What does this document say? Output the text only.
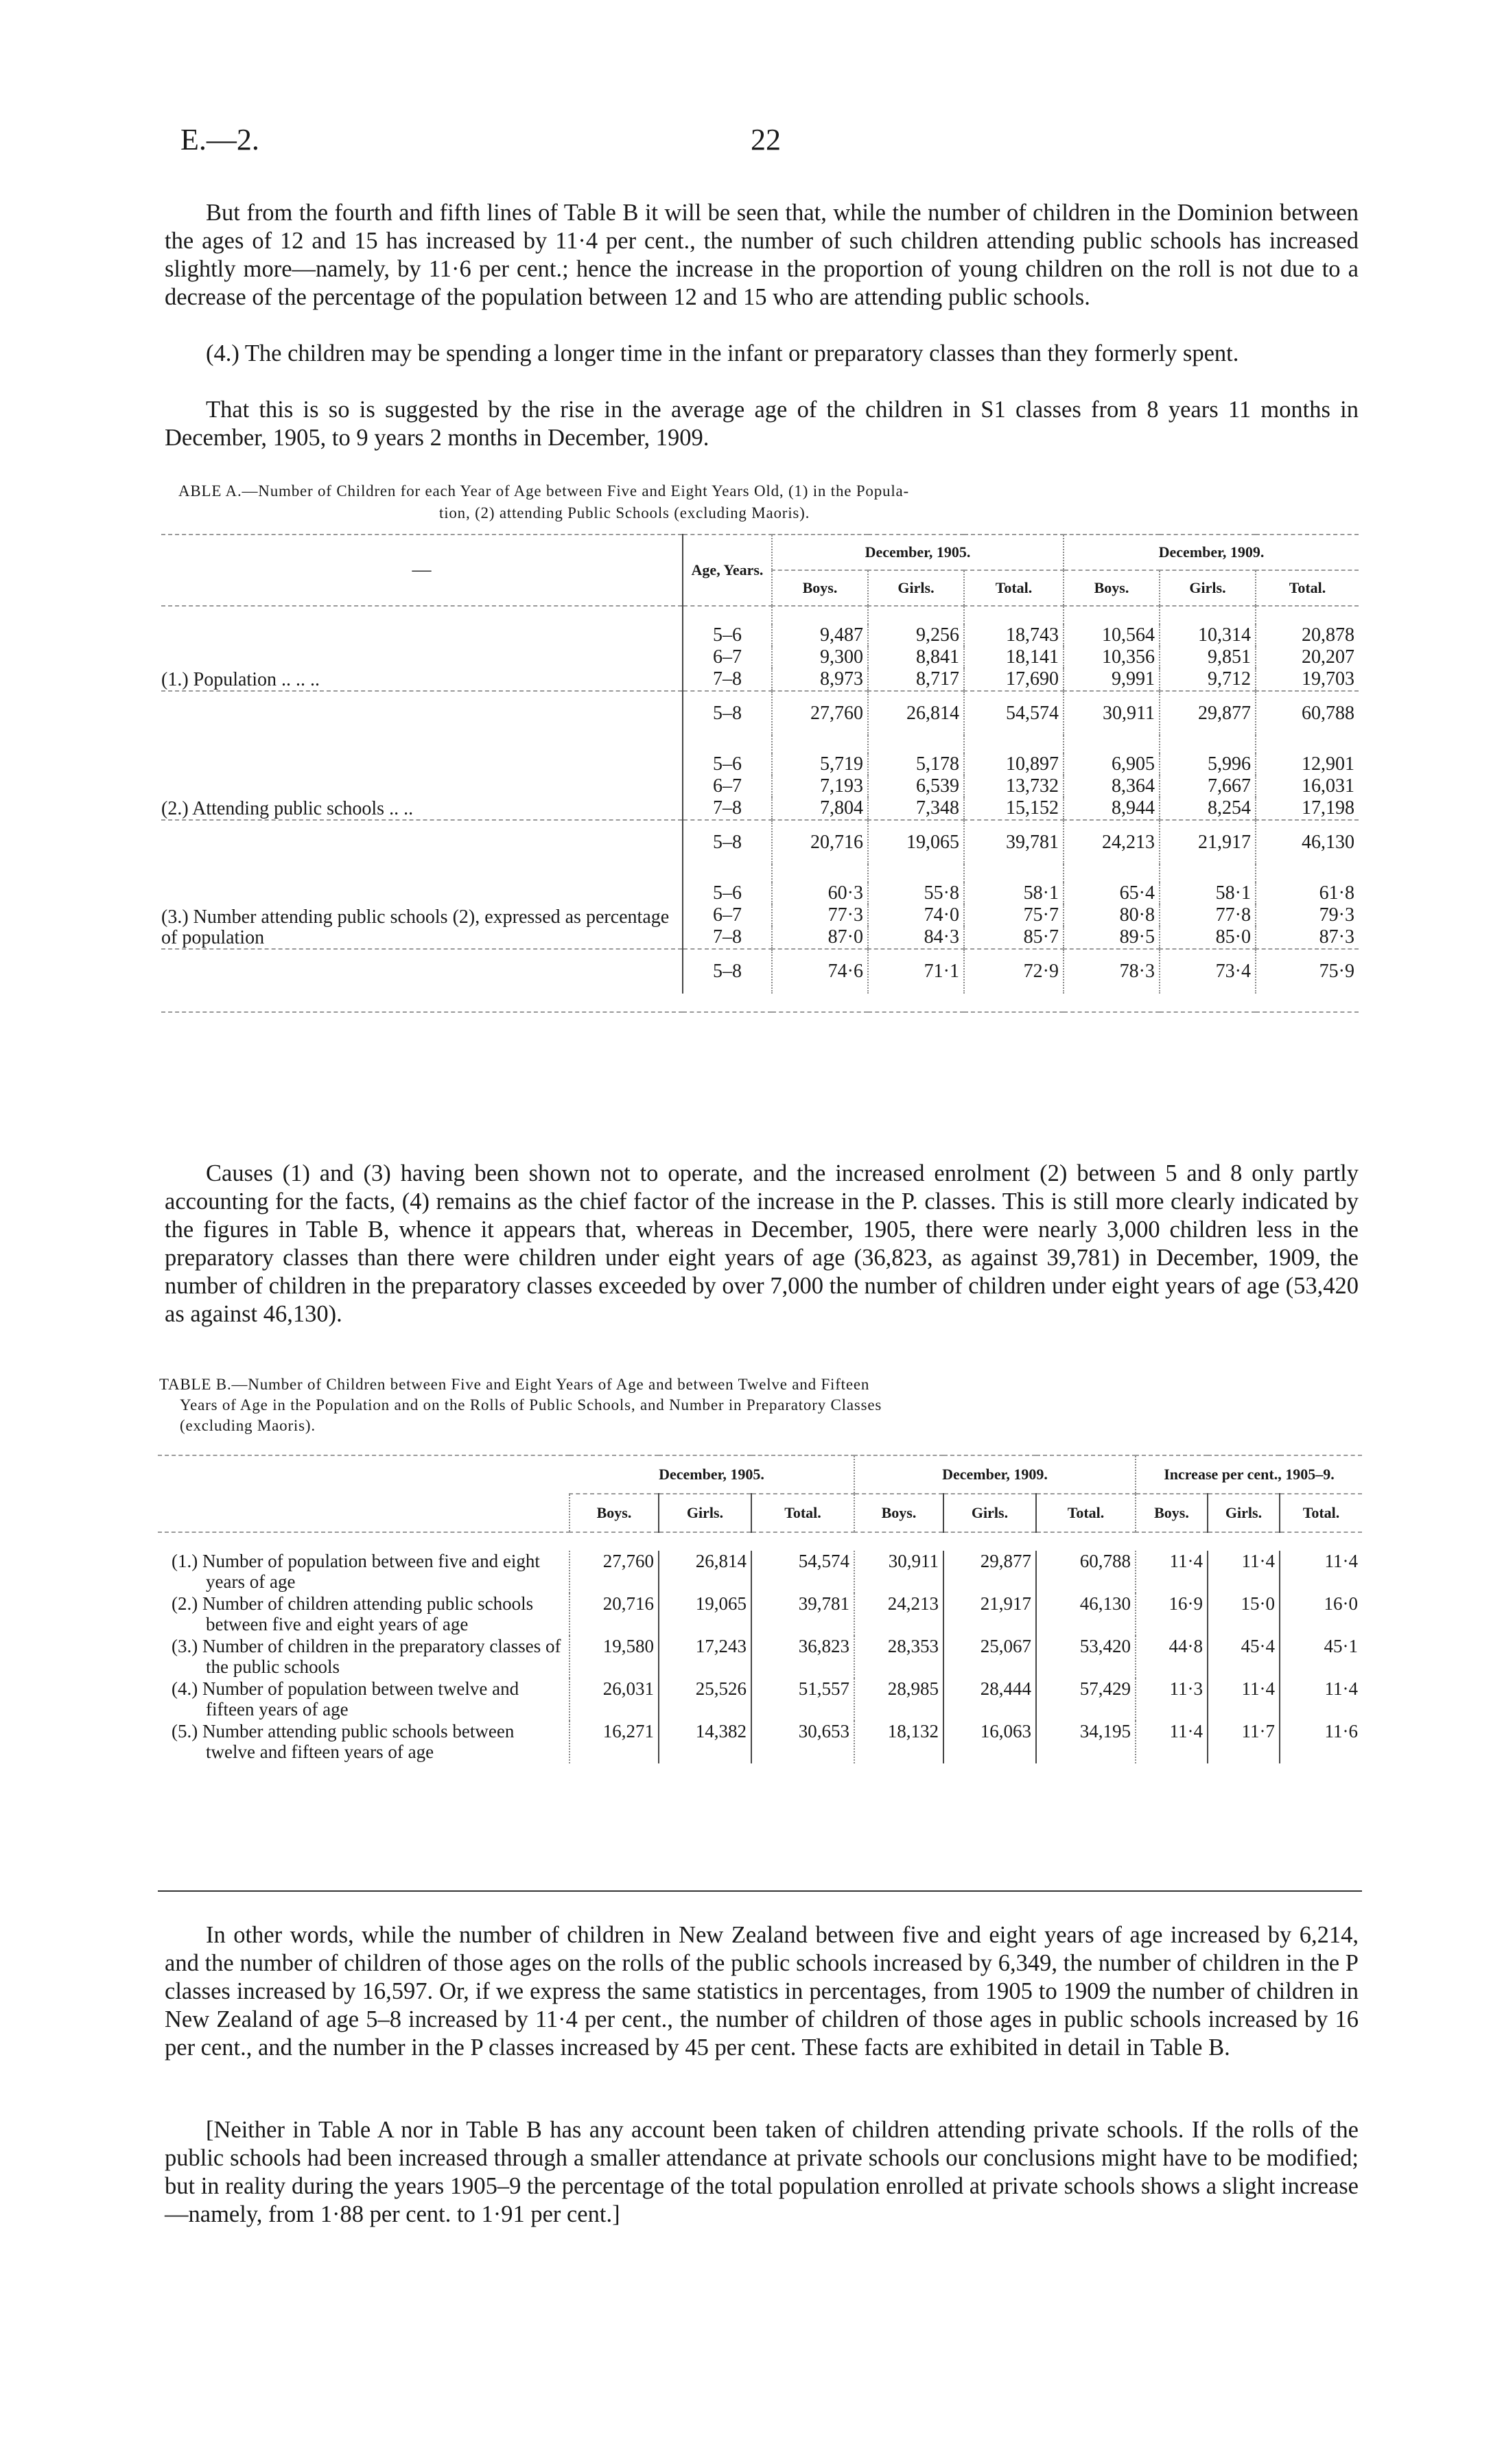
E.—2.	22

But from the fourth and fifth lines of Table B it will be seen that, while the number of children in the Dominion between the ages of 12 and 15 has increased by 11·4 per cent., the number of such children attending public schools has increased slightly more—namely, by 11·6 per cent.; hence the increase in the proportion of young children on the roll is not due to a decrease of the percentage of the population between 12 and 15 who are attending public schools.

(4.) The children may be spending a longer time in the infant or preparatory classes than they formerly spent.

That this is so is suggested by the rise in the average age of the children in S1 classes from 8 years 11 months in December, 1905, to 9 years 2 months in December, 1909.

ABLE A.—Number of Children for each Year of Age between Five and Eight Years Old, (1) in the Popula-
tion, (2) attending Public Schools (excluding Maoris).
—	Age, Years.	December, 1905.			December, 1909.		
		Boys.	Girls.	Total.	Boys.	Girls.	Total.

(1.) Population .. .. ..	5–6	9,487	9,256	18,743	10,564	10,314	20,878
	6–7	9,300	8,841	18,141	10,356	9,851	20,207
	7–8	8,973	8,717	17,690	9,991	9,712	19,703
	5–8	27,760	26,814	54,574	30,911	29,877	60,788

(2.) Attending public schools .. ..	5–6	5,719	5,178	10,897	6,905	5,996	12,901
	6–7	7,193	6,539	13,732	8,364	7,667	16,031
	7–8	7,804	7,348	15,152	8,944	8,254	17,198
	5–8	20,716	19,065	39,781	24,213	21,917	46,130

(3.) Number attending public schools (2), expressed as percentage of population	5–6	60·3	55·8	58·1	65·4	58·1	61·8
	6–7	77·3	74·0	75·7	80·8	77·8	79·3
	7–8	87·0	84·3	85·7	89·5	85·0	87·3
	5–8	74·6	71·1	72·9	78·3	73·4	75·9

Causes (1) and (3) having been shown not to operate, and the increased enrolment (2) between 5 and 8 only partly accounting for the facts, (4) remains as the chief factor of the increase in the P. classes. This is still more clearly indicated by the figures in Table B, whence it appears that, whereas in December, 1905, there were nearly 3,000 children less in the preparatory classes than there were children under eight years of age (36,823, as against 39,781) in December, 1909, the number of children in the preparatory classes exceeded by over 7,000 the number of children under eight years of age (53,420 as against 46,130).

TABLE B.—Number of Children between Five and Eight Years of Age and between Twelve and Fifteen
Years of Age in the Population and on the Rolls of Public Schools, and Number in Preparatory Classes
(excluding Maoris).
	December, 1905.			December, 1909.			Increase per cent., 1905–9.		
	Boys.	Girls.	Total.	Boys.	Girls.	Total.	Boys.	Girls.	Total.

(1.) Number of population between five and eight years of age	27,760	26,814	54,574	30,911	29,877	60,788	11·4	11·4	11·4
(2.) Number of children attending public schools between five and eight years of age	20,716	19,065	39,781	24,213	21,917	46,130	16·9	15·0	16·0
(3.) Number of children in the preparatory classes of the public schools	19,580	17,243	36,823	28,353	25,067	53,420	44·8	45·4	45·1
(4.) Number of population between twelve and fifteen years of age	26,031	25,526	51,557	28,985	28,444	57,429	11·3	11·4	11·4
(5.) Number attending public schools between twelve and fifteen years of age	16,271	14,382	30,653	18,132	16,063	34,195	11·4	11·7	11·6

In other words, while the number of children in New Zealand between five and eight years of age increased by 6,214, and the number of children of those ages on the rolls of the public schools increased by 6,349, the number of children in the P classes increased by 16,597. Or, if we express the same statistics in percentages, from 1905 to 1909 the number of children in New Zealand of age 5–8 increased by 11·4 per cent., the number of children of those ages in public schools increased by 16 per cent., and the number in the P classes increased by 45 per cent. These facts are exhibited in detail in Table B.

[Neither in Table A nor in Table B has any account been taken of children attending private schools. If the rolls of the public schools had been increased through a smaller attendance at private schools our conclusions might have to be modified; but in reality during the years 1905–9 the percentage of the total population enrolled at private schools shows a slight increase—namely, from 1·88 per cent. to 1·91 per cent.]
